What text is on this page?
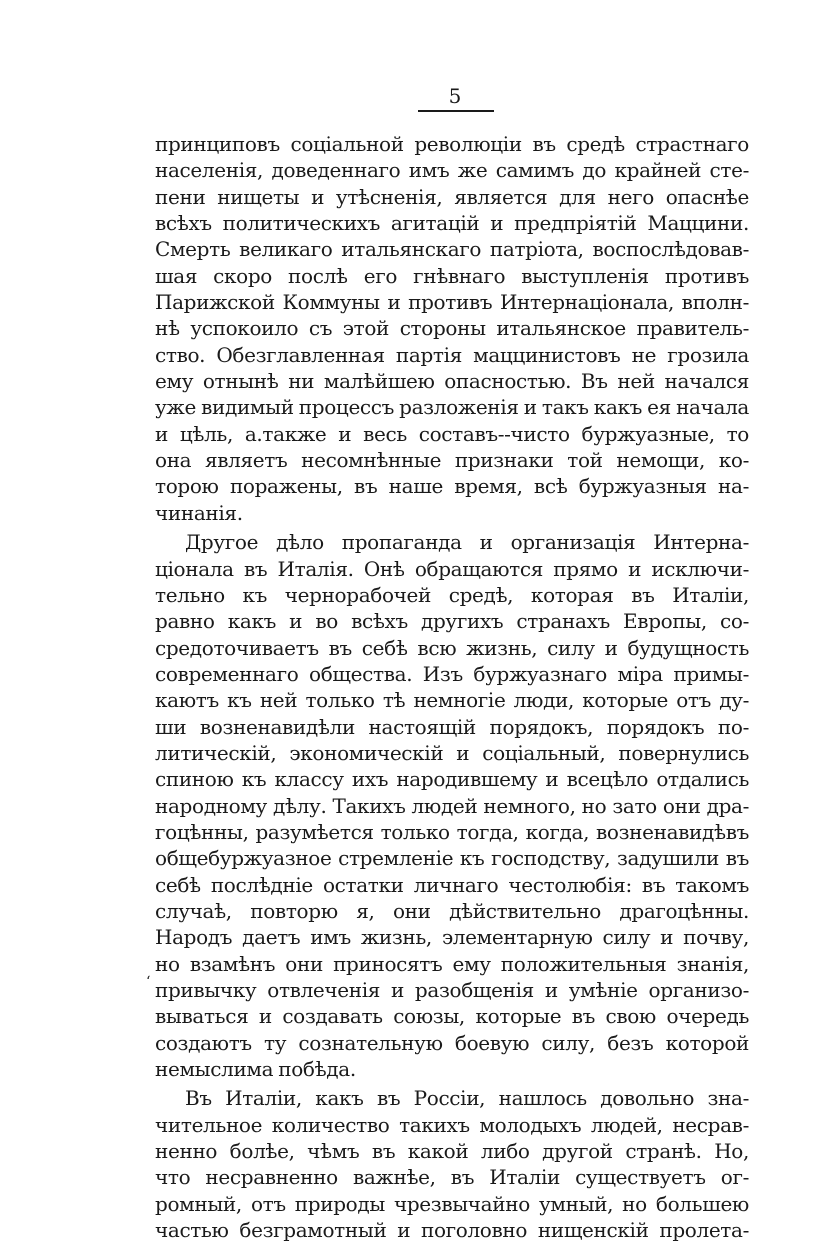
5
‘
принциповъ соціальной революціи въ средѣ страстнаго
населенія, доведеннаго имъ же самимъ до крайней сте-
пени нищеты и утѣсненія, является для него опаснѣе
всѣхъ политическихъ агитацій и предпріятій Маццини.
Смерть великаго итальянскаго патріота, воспослѣдовав-
шая скоро послѣ его гнѣвнаго выступленія противъ
Парижской Коммуны и противъ Интернаціонала, вполн-
нѣ успокоило съ этой стороны итальянское правитель-
ство. Обезглавленная партія маццинистовъ не грозила
ему отнынѣ ни малѣйшею опасностью. Въ ней начался
уже видимый процессъ разложенія и такъ какъ ея начала
и цѣль, а.также и весь составъ--чисто буржуазные, то
она являетъ несомнѣнные признаки той немощи, ко-
торою поражены, въ наше время, всѣ буржуазныя на-
чинанія.
Другое дѣло пропаганда и организація Интерна-
ціонала въ Италія. Онѣ обращаются прямо и исключи-
тельно къ чернорабочей средѣ, которая въ Италіи,
равно какъ и во всѣхъ другихъ странахъ Европы, со-
средоточиваетъ въ себѣ всю жизнь, силу и будущность
современнаго общества. Изъ буржуазнаго міра примы-
каютъ къ ней только тѣ немногіе люди, которые отъ ду-
ши возненавидѣли настоящій порядокъ, порядокъ по-
литическій, экономическій и соціальный, повернулись
спиною къ классу ихъ народившему и всецѣло отдались
народному дѣлу. Такихъ людей немного, но зато они дра-
гоцѣнны, разумѣется только тогда, когда, возненавидѣвъ
общебуржуазное стремленіе къ господству, задушили въ
себѣ послѣдніе остатки личнаго честолюбія: въ такомъ
случаѣ, повторю я, они дѣйствительно драгоцѣнны.
Народъ даетъ имъ жизнь, элементарную силу и почву,
но взамѣнъ они приносятъ ему положительныя знанія,
привычку отвлеченія и разобщенія и умѣніе организо-
вываться и создавать союзы, которые въ свою очередь
создаютъ ту сознательную боевую силу, безъ которой
немыслима побѣда.
Въ Италіи, какъ въ Россіи, нашлось довольно зна-
чительное количество такихъ молодыхъ людей, несрав-
ненно болѣе, чѣмъ въ какой либо другой странѣ. Но,
что несравненно важнѣе, въ Италіи существуетъ ог-
ромный, отъ природы чрезвычайно умный, но большею
частью безграмотный и поголовно нищенскій пролета-
